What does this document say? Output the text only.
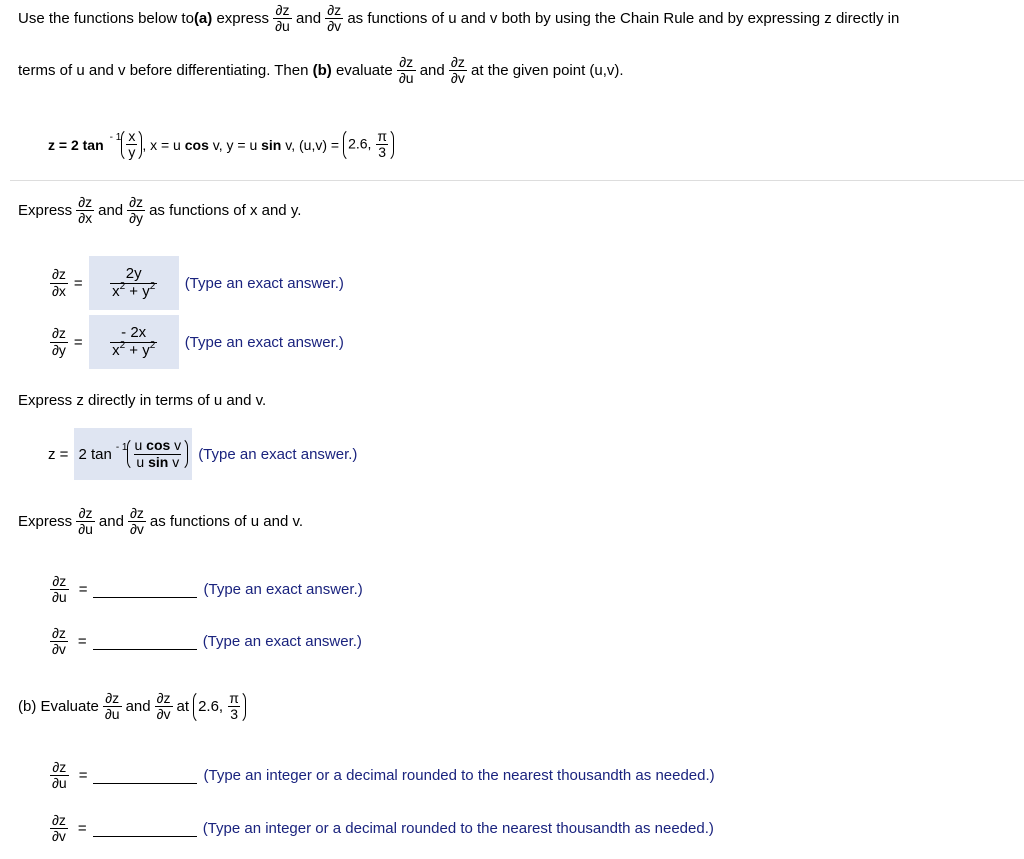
Use the functions below to (a) express $\frac{\partial z}{\partial u}$ and $\frac{\partial z}{\partial v}$ as functions of u and v both by using the Chain Rule and by expressing z directly in
terms of u and v before differentiating. Then (b) evaluate $\frac{\partial z}{\partial u}$ and $\frac{\partial z}{\partial v}$ at the given point (u,v).
z = 2 tan - $1 \frac{x}{y}$ , x = u cos v, y = u sin v, (u,v) = 2.6, $\frac{\pi}{3}$
Express $\frac{\partial z}{\partial x}$ and $\frac{\partial z}{\partial y}$ as functions of x and y.
$\frac{\partial z}{\partial x} = \frac{2y}{x^2 + y^2}$ (Type an exact answer.)
$\frac{\partial z}{\partial y} = \frac{- 2x}{x^2 + y^2}$ (Type an exact answer.)
Express z directly in terms of u and v.
z = 2 tan - $1 \frac{\text{u cos v}}{\text{u sin v}}$ (Type an exact answer.)
Express $\frac{\partial z}{\partial u}$ and $\frac{\partial z}{\partial v}$ as functions of u and v.
$\frac{\partial z}{\partial u}$ =	(Type an exact answer.)
$\frac{\partial z}{\partial v}$ =	(Type an exact answer.)
(b) Evaluate $\frac{\partial z}{\partial u}$ and $\frac{\partial z}{\partial v}$ at 2.6, $\frac{\pi}{3}$
$\frac{\partial z}{\partial u}$ =	(Type an integer or a decimal rounded to the nearest thousandth as needed.)
$\frac{\partial z}{\partial v}$ =	(Type an integer or a decimal rounded to the nearest thousandth as needed.)
